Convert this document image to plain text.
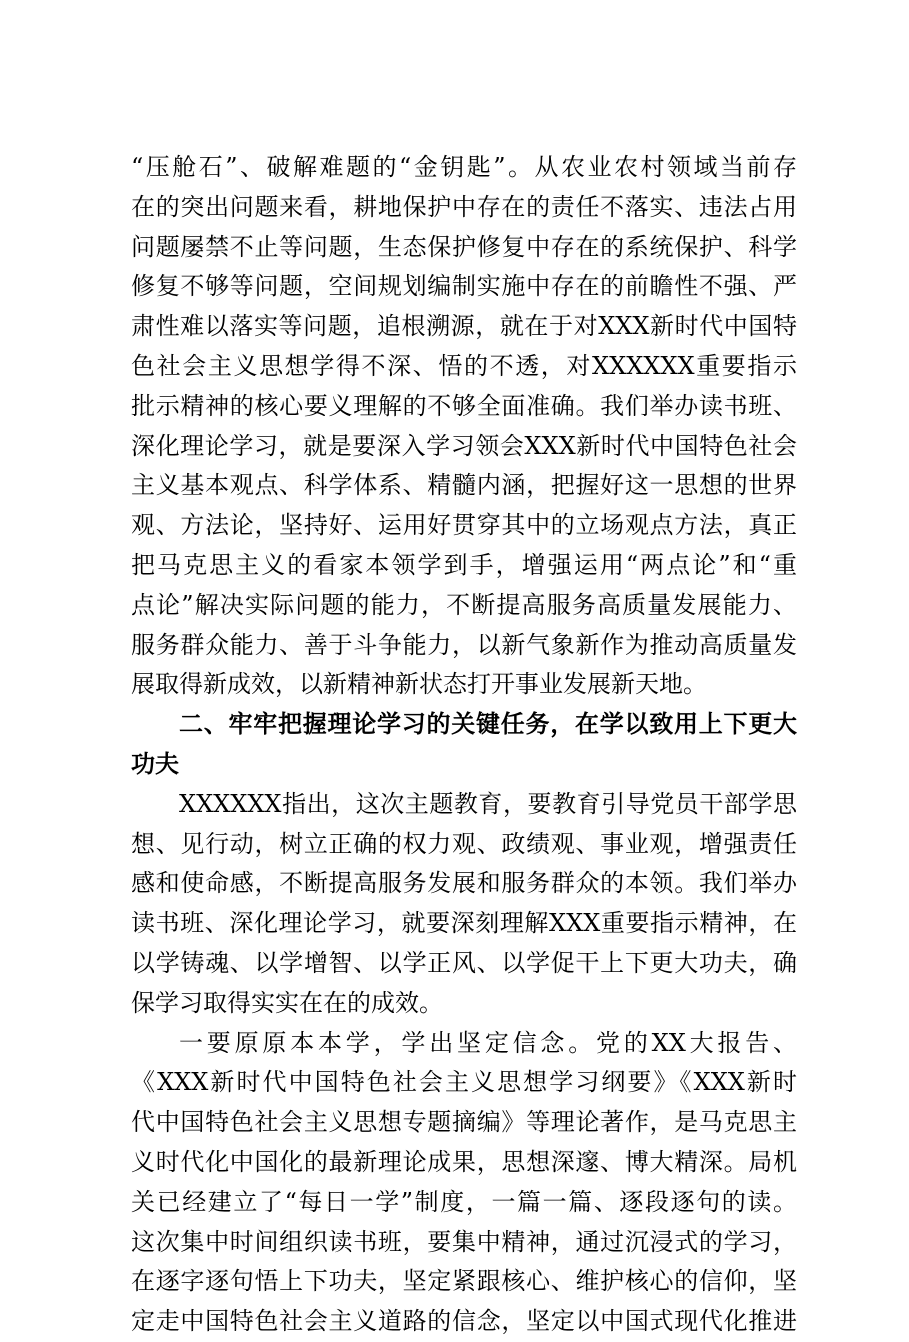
“压舱石”、破解难题的“金钥匙”。从农业农村领域当前存
在的突出问题来看，耕地保护中存在的责任不落实、违法占用
问题屡禁不止等问题，生态保护修复中存在的系统保护、科学
修复不够等问题，空间规划编制实施中存在的前瞻性不强、严
肃性难以落实等问题，追根溯源，就在于对XXX新时代中国特
色社会主义思想学得不深、悟的不透，对XXXXXX重要指示
批示精神的核心要义理解的不够全面准确。我们举办读书班、
深化理论学习，就是要深入学习领会XXX新时代中国特色社会
主义基本观点、科学体系、精髓内涵，把握好这一思想的世界
观、方法论，坚持好、运用好贯穿其中的立场观点方法，真正
把马克思主义的看家本领学到手，增强运用“两点论”和“重
点论”解决实际问题的能力，不断提高服务高质量发展能力、
服务群众能力、善于斗争能力，以新气象新作为推动高质量发
展取得新成效，以新精神新状态打开事业发展新天地。
二、牢牢把握理论学习的关键任务，在学以致用上下更大
功夫
XXXXXX指出，这次主题教育，要教育引导党员干部学思
想、见行动，树立正确的权力观、政绩观、事业观，增强责任
感和使命感，不断提高服务发展和服务群众的本领。我们举办
读书班、深化理论学习，就要深刻理解XXX重要指示精神，在
以学铸魂、以学增智、以学正风、以学促干上下更大功夫，确
保学习取得实实在在的成效。
一要原原本本学，学出坚定信念。党的XX大报告、
《XXX新时代中国特色社会主义思想学习纲要》《XXX新时
代中国特色社会主义思想专题摘编》等理论著作，是马克思主
义时代化中国化的最新理论成果，思想深邃、博大精深。局机
关已经建立了“每日一学”制度，一篇一篇、逐段逐句的读。
这次集中时间组织读书班，要集中精神，通过沉浸式的学习，
在逐字逐句悟上下功夫，坚定紧跟核心、维护核心的信仰，坚
定走中国特色社会主义道路的信念，坚定以中国式现代化推进
